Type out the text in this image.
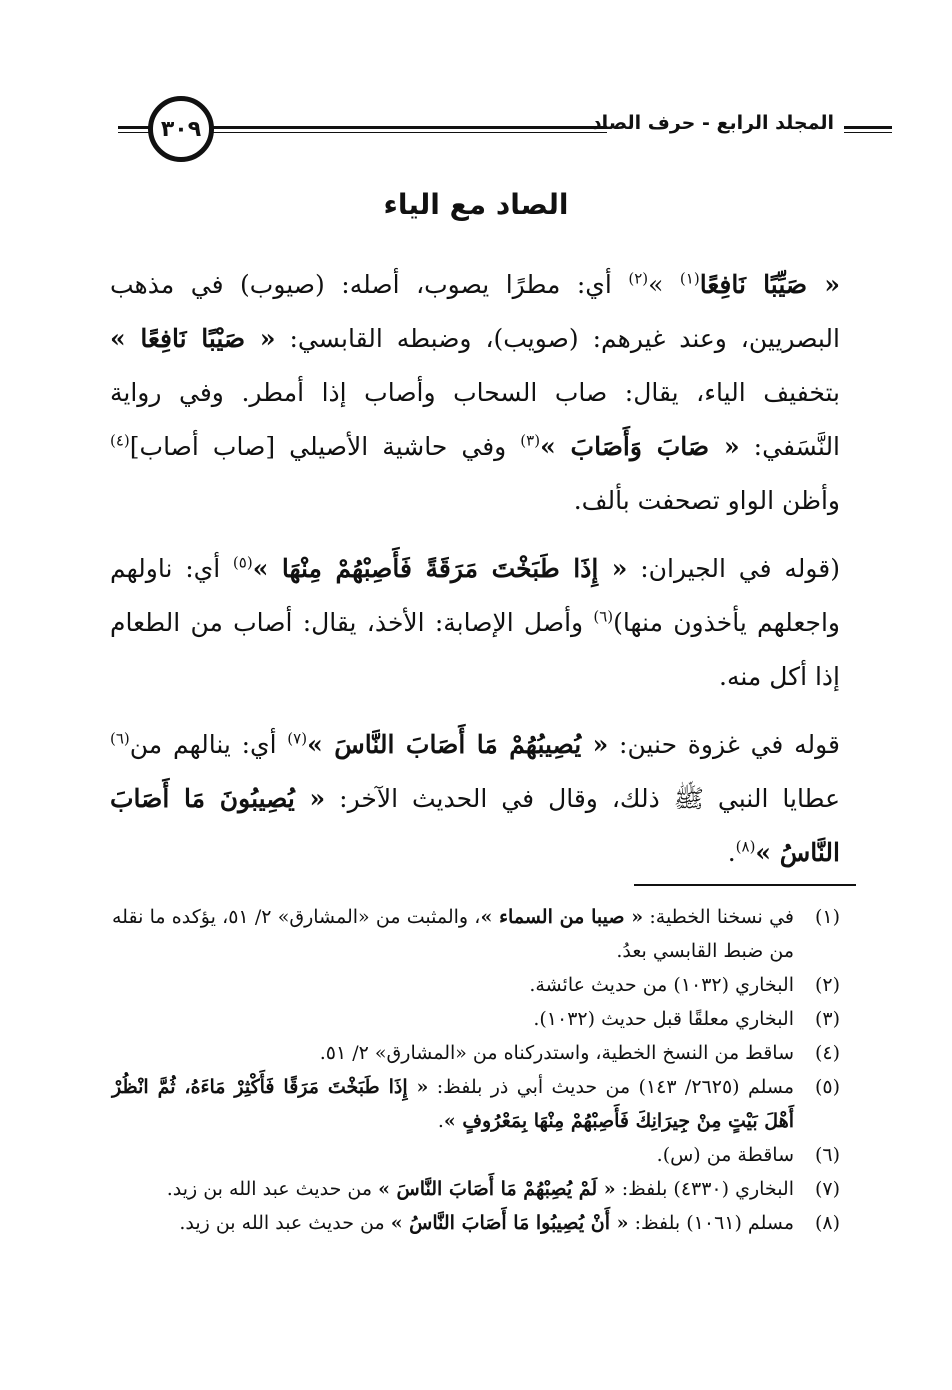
المجلد الرابع - حرف الصاد
٣٠٩
الصاد مع الياء

« صَيِّبًا نَافِعًا$^{(١)}$ »$^{(٢)}$ أي: مطرًا يصوب، أصله: (صيوب) في مذهب البصريين، وعند غيرهم: (صويب)، وضبطه القابسي: « صَيْبًا نَافِعًا » بتخفيف الياء، يقال: صاب السحاب وأصاب إذا أمطر. وفي رواية النَّسَفي: « صَابَ وَأَصَابَ »$^{(٣)}$ وفي حاشية الأصيلي [صاب أصاب]$^{(٤)}$ وأظن الواو تصحفت بألف.

(قوله في الجيران: « إِذَا طَبَخْتَ مَرَقَةً فَأَصِبْهُمْ مِنْهَا »$^{(٥)}$ أي: ناولهم واجعلهم يأخذون منها)$^{(٦)}$ وأصل الإصابة: الأخذ، يقال: أصاب من الطعام إذا أكل منه.

قوله في غزوة حنين: « يُصِيبُهُمْ مَا أَصَابَ النَّاسَ »$^{(٧)}$ أي: ينالهم من$^{(٦)}$ عطايا النبي ﷺ ذلك، وقال في الحديث الآخر: « يُصِيبُونَ مَا أَصَابَ النَّاسُ »$^{(٨)}$.

(١)
في نسخنا الخطية: « صيبا من السماء »، والمثبت من «المشارق» ٢/ ٥١، يؤكده ما نقله من ضبط القابسي بعدُ.
(٢)
البخاري (١٠٣٢) من حديث عائشة.
(٣)
البخاري معلقًا قبل حديث (١٠٣٢).
(٤)
ساقط من النسخ الخطية، واستدركناه من «المشارق» ٢/ ٥١.
(٥)
مسلم (٢٦٢٥/ ١٤٣) من حديث أبي ذر بلفظ: « إِذَا طَبَخْتَ مَرَقًا فَأَكْثِرْ مَاءَهُ، ثُمَّ انْظُرْ أَهْلَ بَيْتٍ مِنْ جِيرَانِكَ فَأَصِبْهُمْ مِنْهَا بِمَعْرُوفٍ ».
(٦)
ساقطة من (س).
(٧)
البخاري (٤٣٣٠) بلفظ: « لَمْ يُصِبْهُمْ مَا أَصَابَ النَّاسَ » من حديث عبد الله بن زيد.
(٨)
مسلم (١٠٦١) بلفظ: « أَنْ يُصِيبُوا مَا أَصَابَ النَّاسُ » من حديث عبد الله بن زيد.
